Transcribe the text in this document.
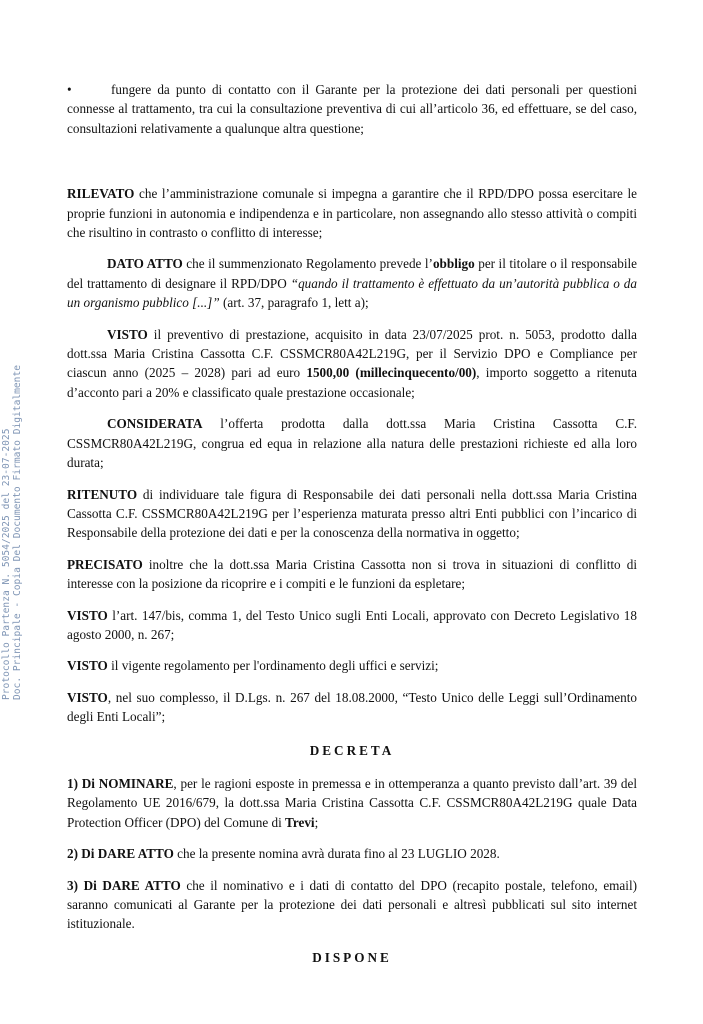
Protocollo Partenza N. 5054/2025 del 23-07-2025 Doc. Principale - Copia Del Documento Firmato Digitalmente

•	fungere da punto di contatto con il Garante per la protezione dei dati personali per questioni connesse al trattamento, tra cui la consultazione preventiva di cui all’articolo 36, ed effettuare, se del caso, consultazioni relativamente a qualunque altra questione;

RILEVATO che l’amministrazione comunale si impegna a garantire che il RPD/DPO possa esercitare le proprie funzioni in autonomia e indipendenza e in particolare, non assegnando allo stesso attività o compiti che risultino in contrasto o conflitto di interesse;

DATO ATTO che il summenzionato Regolamento prevede l’obbligo per il titolare o il responsabile del trattamento di designare il RPD/DPO “quando il trattamento è effettuato da un’autorità pubblica o da un organismo pubblico [...]” (art. 37, paragrafo 1, lett a);

VISTO il preventivo di prestazione, acquisito in data 23/07/2025 prot. n. 5053, prodotto dalla dott.ssa Maria Cristina Cassotta C.F. CSSMCR80A42L219G, per il Servizio DPO e Compliance per ciascun anno (2025 – 2028) pari ad euro 1500,00 (millecinquecento/00), importo soggetto a ritenuta d’acconto pari a 20% e classificato quale prestazione occasionale;

CONSIDERATA l’offerta prodotta dalla dott.ssa Maria Cristina Cassotta C.F. CSSMCR80A42L219G, congrua ed equa in relazione alla natura delle prestazioni richieste ed alla loro durata;

RITENUTO di individuare tale figura di Responsabile dei dati personali nella dott.ssa Maria Cristina Cassotta C.F. CSSMCR80A42L219G per l’esperienza maturata presso altri Enti pubblici con l’incarico di Responsabile della protezione dei dati e per la conoscenza della normativa in oggetto;

PRECISATO inoltre che la dott.ssa Maria Cristina Cassotta non si trova in situazioni di conflitto di interesse con la posizione da ricoprire e i compiti e le funzioni da espletare;

VISTO l’art. 147/bis, comma 1, del Testo Unico sugli Enti Locali, approvato con Decreto Legislativo 18 agosto 2000, n. 267;

VISTO il vigente regolamento per l'ordinamento degli uffici e servizi;

VISTO, nel suo complesso, il D.Lgs. n. 267 del 18.08.2000, “Testo Unico delle Leggi sull’Ordinamento degli Enti Locali”;

DECRETA

1) Di NOMINARE, per le ragioni esposte in premessa e in ottemperanza a quanto previsto dall’art. 39 del Regolamento UE 2016/679, la dott.ssa Maria Cristina Cassotta C.F. CSSMCR80A42L219G quale Data Protection Officer (DPO) del Comune di Trevi;

2) Di DARE ATTO che la presente nomina avrà durata fino al 23 LUGLIO 2028.

3) Di DARE ATTO che il nominativo e i dati di contatto del DPO (recapito postale, telefono, email) saranno comunicati al Garante per la protezione dei dati personali e altresì pubblicati sul sito internet istituzionale.

DISPONE
